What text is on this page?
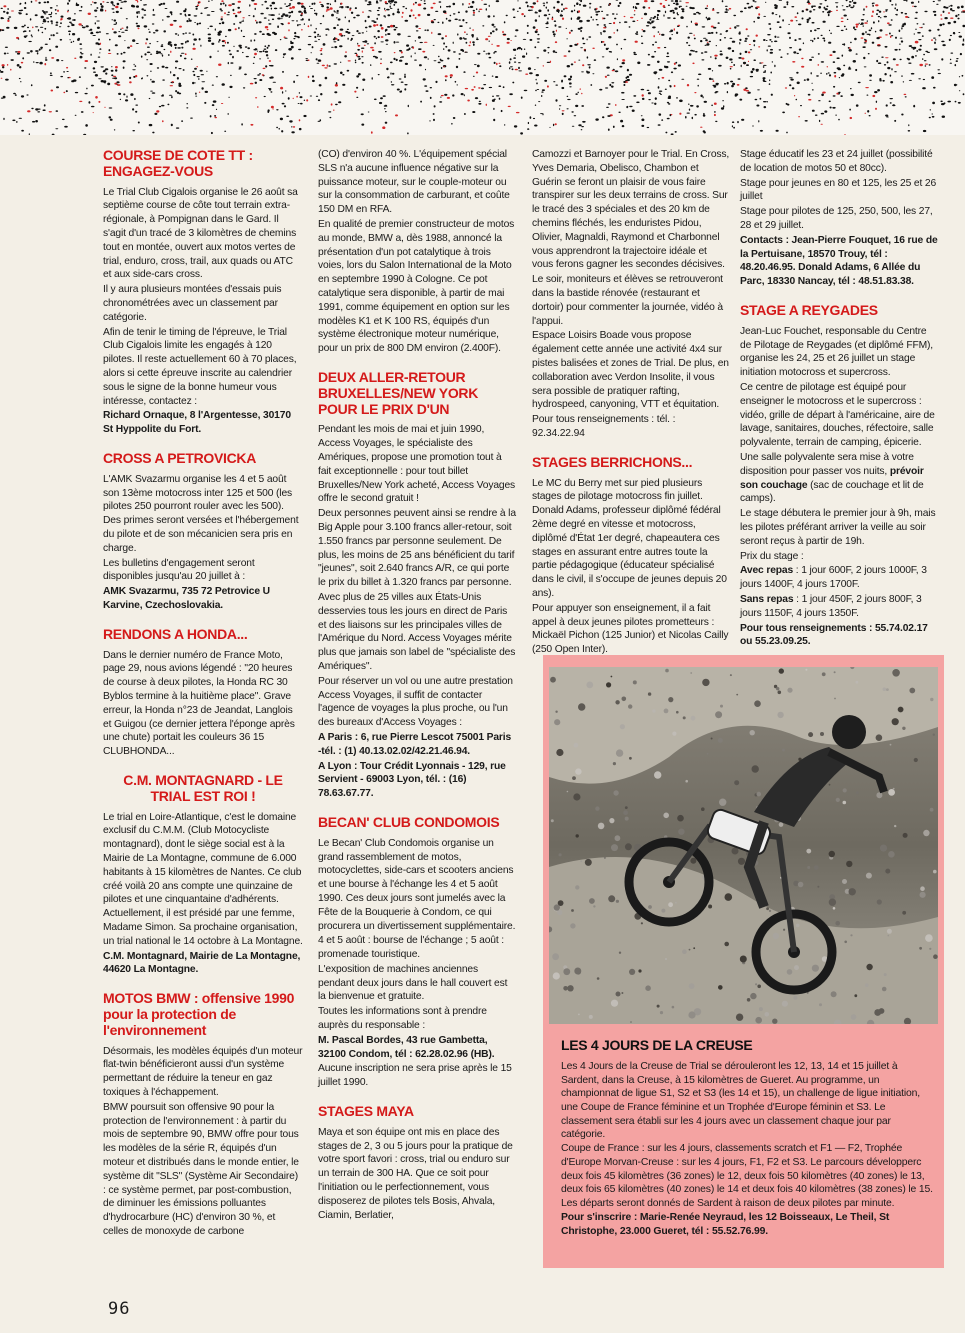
COURSE DE COTE TT : ENGAGEZ-VOUS

Le Trial Club Cigalois organise le 26 août sa septième course de côte tout terrain extra-régionale, à Pompignan dans le Gard. Il s'agit d'un tracé de 3 kilomètres de chemins tout en montée, ouvert aux motos vertes de trial, enduro, cross, trail, aux quads ou ATC et aux side-cars cross.

Il y aura plusieurs montées d'essais puis chronométrées avec un classement par catégorie.

Afin de tenir le timing de l'épreuve, le Trial Club Cigalois limite les engagés à 120 pilotes. Il reste actuellement 60 à 70 places, alors si cette épreuve inscrite au calendrier sous le signe de la bonne humeur vous intéresse, contactez :

Richard Ornaque, 8 l'Argentesse, 30170 St Hyppolite du Fort.

CROSS A PETROVICKA

L'AMK Svazarmu organise les 4 et 5 août son 13ème motocross inter 125 et 500 (les pilotes 250 pourront rouler avec les 500). Des primes seront versées et l'hébergement du pilote et de son mécanicien sera pris en charge.

Les bulletins d'engagement seront disponibles jusqu'au 20 juillet à :

AMK Svazarmu, 735 72 Petrovice U Karvine, Czechoslovakia.

RENDONS A HONDA...

Dans le dernier numéro de France Moto, page 29, nous avions légendé : "20 heures de course à deux pilotes, la Honda RC 30 Byblos termine à la huitième place". Grave erreur, la Honda n°23 de Jeandat, Langlois et Guigou (ce dernier jettera l'éponge après une chute) portait les couleurs 36 15 CLUBHONDA...

C.M. MONTAGNARD - LE TRIAL EST ROI !

Le trial en Loire-Atlantique, c'est le domaine exclusif du C.M.M. (Club Motocycliste montagnard), dont le siège social est à la Mairie de La Montagne, commune de 6.000 habitants à 15 kilomètres de Nantes. Ce club créé voilà 20 ans compte une quinzaine de pilotes et une cinquantaine d'adhérents. Actuellement, il est présidé par une femme, Madame Simon. Sa prochaine organisation, un trial national le 14 octobre à La Montagne.

C.M. Montagnard, Mairie de La Montagne, 44620 La Montagne.

MOTOS BMW : offensive 1990 pour la protection de l'environnement

Désormais, les modèles équipés d'un moteur flat-twin bénéficieront aussi d'un système permettant de réduire la teneur en gaz toxiques à l'échappement.

BMW poursuit son offensive 90 pour la protection de l'environnement : à partir du mois de septembre 90, BMW offre pour tous les modèles de la série R, équipés d'un moteur et distribués dans le monde entier, le système dit "SLS" (Système Air Secondaire) : ce système permet, par post-combustion, de diminuer les émissions polluantes d'hydrocarbure (HC) d'environ 30 %, et celles de monoxyde de carbone

(CO) d'environ 40 %. L'équipement spécial SLS n'a aucune influence négative sur la puissance moteur, sur le couple-moteur ou sur la consommation de carburant, et coûte 150 DM en RFA.

En qualité de premier constructeur de motos au monde, BMW a, dès 1988, annoncé la présentation d'un pot catalytique à trois voies, lors du Salon International de la Moto en septembre 1990 à Cologne. Ce pot catalytique sera disponible, à partir de mai 1991, comme équipement en option sur les modèles K1 et K 100 RS, équipés d'un système électronique moteur numérique, pour un prix de 800 DM environ (2.400F).

DEUX ALLER-RETOUR BRUXELLES/NEW YORK POUR LE PRIX D'UN

Pendant les mois de mai et juin 1990, Access Voyages, le spécialiste des Amériques, propose une promotion tout à fait exceptionnelle : pour tout billet Bruxelles/New York acheté, Access Voyages offre le second gratuit !

Deux personnes peuvent ainsi se rendre à la Big Apple pour 3.100 francs aller-retour, soit 1.550 francs par personne seulement. De plus, les moins de 25 ans bénéficient du tarif "jeunes", soit 2.640 francs A/R, ce qui porte le prix du billet à 1.320 francs par personne.

Avec plus de 25 villes aux États-Unis desservies tous les jours en direct de Paris et des liaisons sur les principales villes de l'Amérique du Nord. Access Voyages mérite plus que jamais son label de "spécialiste des Amériques".

Pour réserver un vol ou une autre prestation Access Voyages, il suffit de contacter l'agence de voyages la plus proche, ou l'un des bureaux d'Access Voyages :

A Paris : 6, rue Pierre Lescot 75001 Paris -tél. : (1) 40.13.02.02/42.21.46.94.

A Lyon : Tour Crédit Lyonnais - 129, rue Servient - 69003 Lyon, tél. : (16) 78.63.67.77.

BECAN' CLUB CONDOMOIS

Le Becan' Club Condomois organise un grand rassemblement de motos, motocyclettes, side-cars et scooters anciens et une bourse à l'échange les 4 et 5 août 1990. Ces deux jours sont jumelés avec la Fête de la Bouquerie à Condom, ce qui procurera un divertissement supplémentaire.

4 et 5 août : bourse de l'échange ; 5 août : promenade touristique.

L'exposition de machines anciennes pendant deux jours dans le hall couvert est la bienvenue et gratuite.

Toutes les informations sont à prendre auprès du responsable :

M. Pascal Bordes, 43 rue Gambetta, 32100 Condom, tél : 62.28.02.96 (HB).

Aucune inscription ne sera prise après le 15 juillet 1990.

STAGES MAYA

Maya et son équipe ont mis en place des stages de 2, 3 ou 5 jours pour la pratique de votre sport favori : cross, trial ou enduro sur un terrain de 300 HA. Que ce soit pour l'initiation ou le perfectionnement, vous disposerez de pilotes tels Bosis, Ahvala, Ciamin, Berlatier,

Camozzi et Barnoyer pour le Trial. En Cross, Yves Demaria, Obelisco, Chambon et Guérin se feront un plaisir de vous faire transpirer sur les deux terrains de cross. Sur le tracé des 3 spéciales et des 20 km de chemins fléchés, les enduristes Pidou, Olivier, Magnaldi, Raymond et Charbonnel vous apprendront la trajectoire idéale et vous ferons gagner les secondes décisives.

Le soir, moniteurs et élèves se retrouveront dans la bastide rénovée (restaurant et dortoir) pour commenter la journée, vidéo à l'appui.

Espace Loisirs Boade vous propose également cette année une activité 4x4 sur pistes balisées et zones de Trial. De plus, en collaboration avec Verdon Insolite, il vous sera possible de pratiquer rafting, hydrospeed, canyoning, VTT et équitation.

Pour tous renseignements : tél. : 92.34.22.94

STAGES BERRICHONS...

Le MC du Berry met sur pied plusieurs stages de pilotage motocross fin juillet. Donald Adams, professeur diplômé fédéral 2ème degré en vitesse et motocross, diplômé d'État 1er degré, chapeautera ces stages en assurant entre autres toute la partie pédagogique (éducateur spécialisé dans le civil, il s'occupe de jeunes depuis 20 ans).

Pour appuyer son enseignement, il a fait appel à deux jeunes pilotes prometteurs : Mickaël Pichon (125 Junior) et Nicolas Cailly (250 Open Inter).

Stage éducatif les 23 et 24 juillet (possibilité de location de motos 50 et 80cc).

Stage pour jeunes en 80 et 125, les 25 et 26 juillet

Stage pour pilotes de 125, 250, 500, les 27, 28 et 29 juillet.

Contacts : Jean-Pierre Fouquet, 16 rue de la Pertuisane, 18570 Trouy, tél : 48.20.46.95. Donald Adams, 6 Allée du Parc, 18330 Nancay, tél : 48.51.83.38.

STAGE A REYGADES

Jean-Luc Fouchet, responsable du Centre de Pilotage de Reygades (et diplômé FFM), organise les 24, 25 et 26 juillet un stage initiation motocross et supercross.

Ce centre de pilotage est équipé pour enseigner le motocross et le supercross : vidéo, grille de départ à l'américaine, aire de lavage, sanitaires, douches, réfectoire, salle polyvalente, terrain de camping, épicerie.

Une salle polyvalente sera mise à votre disposition pour passer vos nuits, prévoir son couchage (sac de couchage et lit de camps).

Le stage débutera le premier jour à 9h, mais les pilotes préférant arriver la veille au soir seront reçus à partir de 19h.

Prix du stage :

Avec repas : 1 jour 600F, 2 jours 1000F, 3 jours 1400F, 4 jours 1700F.

Sans repas : 1 jour 450F, 2 jours 800F, 3 jours 1150F, 4 jours 1350F.

Pour tous renseignements : 55.74.02.17 ou 55.23.09.25.

LES 4 JOURS DE LA CREUSE

Les 4 Jours de la Creuse de Trial se dérouleront les 12, 13, 14 et 15 juillet à Sardent, dans la Creuse, à 15 kilomètres de Gueret. Au programme, un championnat de ligue S1, S2 et S3 (les 14 et 15), un challenge de ligue initiation, une Coupe de France féminine et un Trophée d'Europe féminin et S3. Le classement sera établi sur les 4 jours avec un classement chaque jour par catégorie.

Coupe de France : sur les 4 jours, classements scratch et F1 — F2, Trophée d'Europe Morvan-Creuse : sur les 4 jours, F1, F2 et S3. Le parcours développerc deux fois 45 kilomètres (36 zones) le 12, deux fois 50 kilomètres (40 zones) le 13, deux fois 65 kilomètres (40 zones) le 14 et deux fois 40 kilomètres (38 zones) le 15. Les départs seront donnés de Sardent à raison de deux pilotes par minute.

Pour s'inscrire : Marie-Renée Neyraud, les 12 Boisseaux, Le Theil, St Christophe, 23.000 Gueret, tél : 55.52.76.99.

96
